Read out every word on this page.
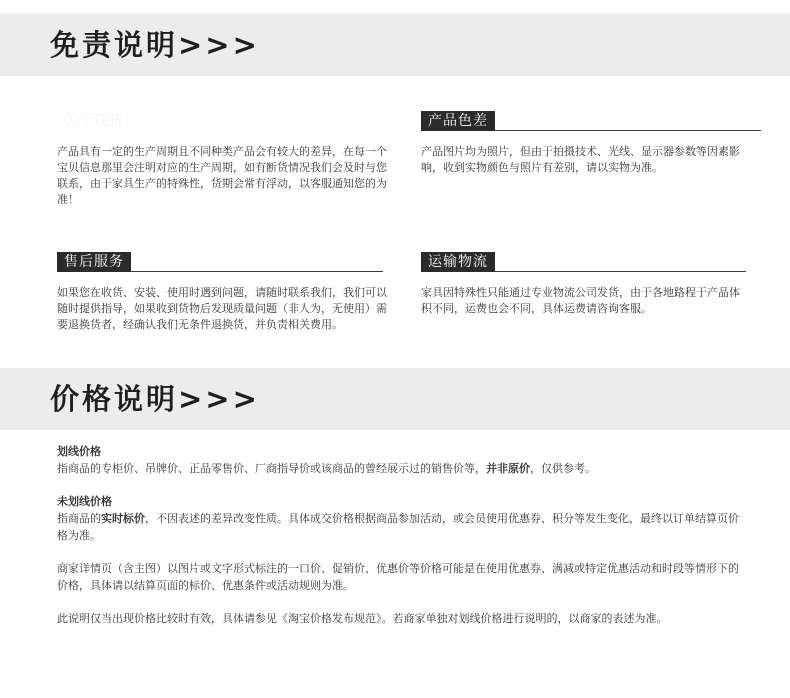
免责说明>>>
关于现货
产品具有一定的生产周期且不同种类产品会有较大的差异，在每一个宝贝信息那里会注明对应的生产周期，如有断货情况我们会及时与您联系，由于家具生产的特殊性，货期会常有浮动，以客服通知您的为准！
产品色差
产品图片均为照片，但由于拍摄技术、光线、显示器参数等因素影响，收到实物颜色与照片有差别，请以实物为准。
售后服务
如果您在收货、安装、使用时遇到问题，请随时联系我们，我们可以随时提供指导，如果收到货物后发现质量问题（非人为，无使用）需要退换货者，经确认我们无条件退换货，并负责相关费用。
运输物流
家具因特殊性只能通过专业物流公司发货，由于各地路程于产品体积不同，运费也会不同，具体运费请咨询客服。
价格说明>>>
划线价格
指商品的专柜价、吊牌价、正品零售价、厂商指导价或该商品的曾经展示过的销售价等，并非原价，仅供参考。
未划线价格
指商品的实时标价，不因表述的差异改变性质。具体成交价格根据商品参加活动，或会员使用优惠券、积分等发生变化，最终以订单结算页价格为准。
商家详情页（含主图）以图片或文字形式标注的一口价、促销价、优惠价等价格可能是在使用优惠券、满减或特定优惠活动和时段等情形下的价格，具体请以结算页面的标价、优惠条件或活动规则为准。
此说明仅当出现价格比较时有效，具体请参见《淘宝价格发布规范》。若商家单独对划线价格进行说明的，以商家的表述为准。
